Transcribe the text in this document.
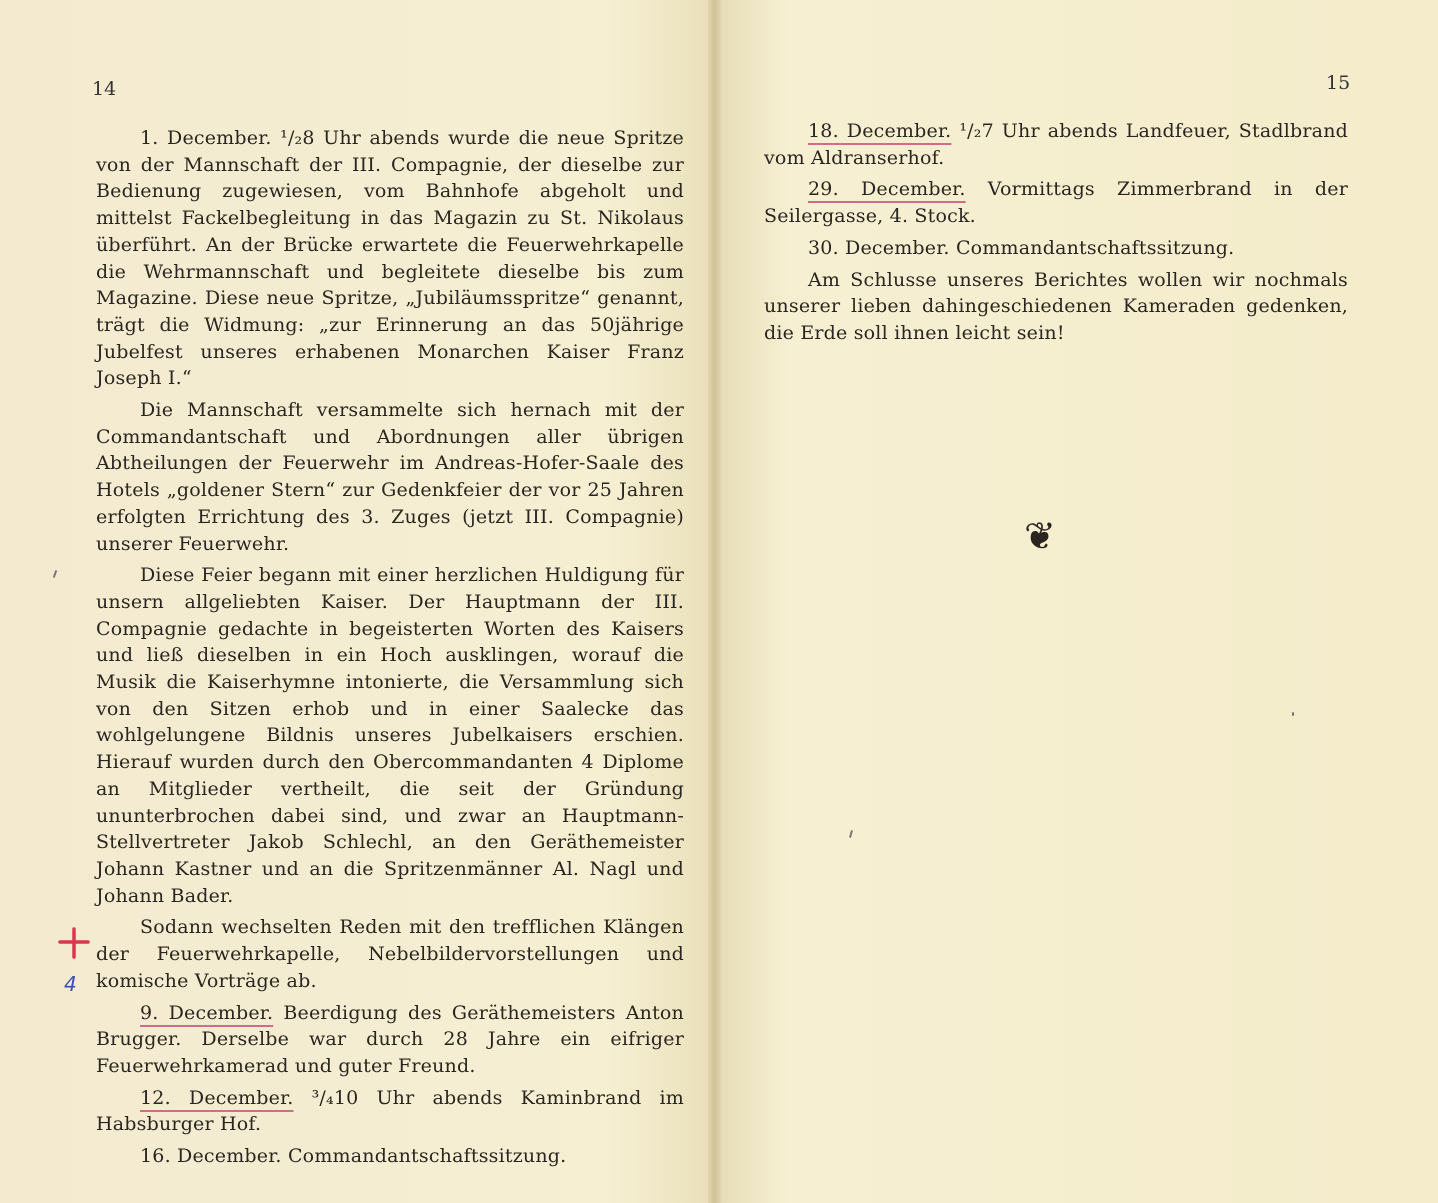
14	15

1. December. ¹/₂8 Uhr abends wurde die neue Spritze von der Mannschaft der III. Compagnie, der dieselbe zur Bedienung zugewiesen, vom Bahnhofe abgeholt und mittelst Fackelbegleitung in das Magazin zu St. Nikolaus überführt. An der Brücke erwartete die Feuerwehrkapelle die Wehrmannschaft und begleitete dieselbe bis zum Magazine. Diese neue Spritze, „Jubiläumsspritze“ genannt, trägt die Widmung: „zur Erinnerung an das 50jährige Jubelfest unseres erhabenen Monarchen Kaiser Franz Joseph I.“

Die Mannschaft versammelte sich hernach mit der Commandantschaft und Abordnungen aller übrigen Abtheilungen der Feuerwehr im Andreas-Hofer-Saale des Hotels „goldener Stern“ zur Gedenkfeier der vor 25 Jahren erfolgten Errichtung des 3. Zuges (jetzt III. Compagnie) unserer Feuerwehr.

Diese Feier begann mit einer herzlichen Huldigung für unsern allgeliebten Kaiser. Der Hauptmann der III. Compagnie gedachte in begeisterten Worten des Kaisers und ließ dieselben in ein Hoch ausklingen, worauf die Musik die Kaiserhymne intonierte, die Versammlung sich von den Sitzen erhob und in einer Saalecke das wohlgelungene Bildnis unseres Jubelkaisers erschien. Hierauf wurden durch den Obercommandanten 4 Diplome an Mitglieder vertheilt, die seit der Gründung ununterbrochen dabei sind, und zwar an Hauptmann-Stellvertreter Jakob Schlechl, an den Geräthemeister Johann Kastner und an die Spritzenmänner Al. Nagl und Johann Bader.

Sodann wechselten Reden mit den trefflichen Klängen der Feuerwehrkapelle, Nebelbildervorstellungen und komische Vorträge ab.

9. December. Beerdigung des Geräthemeisters Anton Brugger. Derselbe war durch 28 Jahre ein eifriger Feuerwehrkamerad und guter Freund.

12. December. ³/₄10 Uhr abends Kaminbrand im Habsburger Hof.

16. December. Commandantschaftssitzung.

18. December. ¹/₂7 Uhr abends Landfeuer, Stadlbrand vom Aldranserhof.

29. December. Vormittags Zimmerbrand in der Seilergasse, 4. Stock.

30. December. Commandantschaftssitzung.

Am Schlusse unseres Berichtes wollen wir nochmals unserer lieben dahingeschiedenen Kameraden gedenken, die Erde soll ihnen leicht sein!

❦
4
